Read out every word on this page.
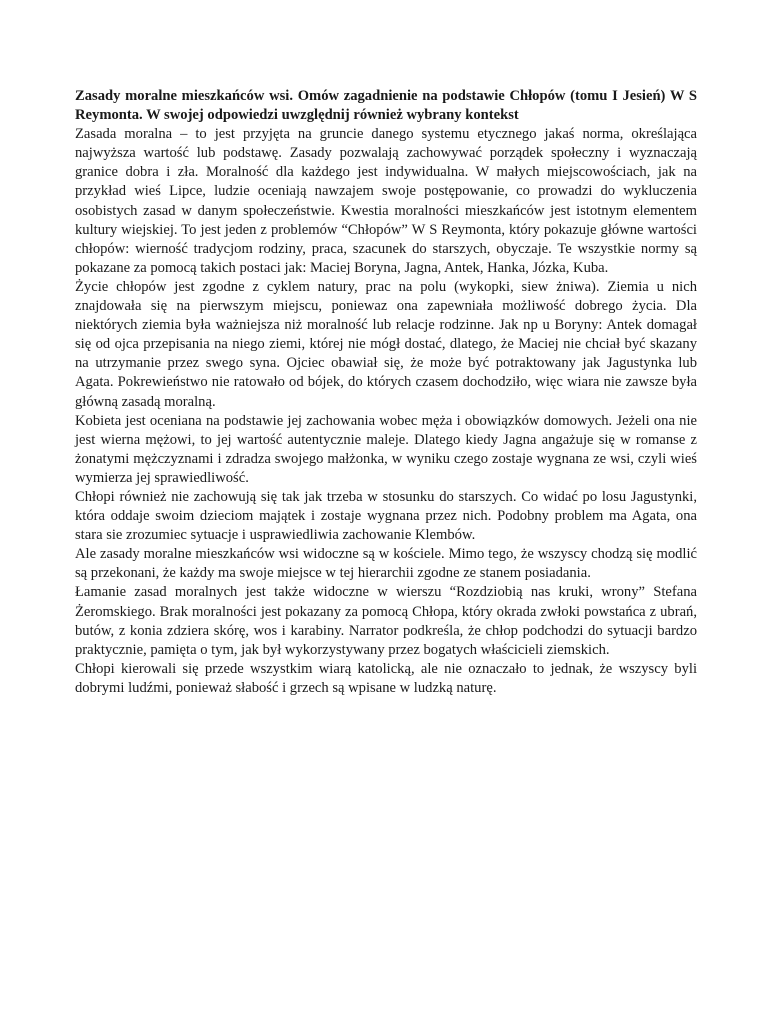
Zasady moralne mieszkańców wsi. Omów zagadnienie na podstawie Chłopów (tomu I Jesień) W S Reymonta. W swojej odpowiedzi uwzględnij również wybrany kontekst

Zasada moralna – to jest przyjęta na gruncie danego systemu etycznego jakaś norma, określająca najwyższa wartość lub podstawę. Zasady pozwalają zachowywać porządek społeczny i wyznaczają granice dobra i zła. Moralność dla każdego jest indywidualna. W małych miejscowościach, jak na przykład wieś Lipce, ludzie oceniają nawzajem swoje postępowanie, co prowadzi do wykluczenia osobistych zasad w danym społeczeństwie. Kwestia moralności mieszkańców jest istotnym elementem kultury wiejskiej. To jest jeden z problemów “Chłopów” W S Reymonta, który pokazuje główne wartości chłopów: wierność tradycjom rodziny, praca, szacunek do starszych, obyczaje. Te wszystkie normy są pokazane za pomocą takich postaci jak: Maciej Boryna, Jagna, Antek, Hanka, Józka, Kuba.

Życie chłopów jest zgodne z cyklem natury, prac na polu (wykopki, siew żniwa). Ziemia u nich znajdowała się na pierwszym miejscu, poniewaz ona zapewniała możliwość dobrego życia. Dla niektórych ziemia była ważniejsza niż moralność lub relacje rodzinne. Jak np u Boryny: Antek domagał się od ojca przepisania na niego ziemi, której nie mógł dostać, dlatego, że Maciej nie chciał być skazany na utrzymanie przez swego syna. Ojciec obawiał się, że może być potraktowany jak Jagustynka lub Agata. Pokrewieństwo nie ratowało od bójek, do których czasem dochodziło, więc wiara nie zawsze była główną zasadą moralną.

Kobieta jest oceniana na podstawie jej zachowania wobec męża i obowiązków domowych. Jeżeli ona nie jest wierna mężowi, to jej wartość autentycznie maleje. Dlatego kiedy Jagna angażuje się w romanse z żonatymi mężczyznami i zdradza swojego małżonka, w wyniku czego zostaje wygnana ze wsi, czyli wieś wymierza jej sprawiedliwość.

Chłopi również nie zachowują się tak jak trzeba w stosunku do starszych. Co widać po losu Jagustynki, która oddaje swoim dzieciom majątek i zostaje wygnana przez nich. Podobny problem ma Agata, ona stara sie zrozumiec sytuacje i usprawiedliwia zachowanie Klembów.

Ale zasady moralne mieszkańców wsi widoczne są w kościele. Mimo tego, że wszyscy chodzą się modlić są przekonani, że każdy ma swoje miejsce w tej hierarchii zgodne ze stanem posiadania.

Łamanie zasad moralnych jest także widoczne w wierszu “Rozdziobią nas kruki, wrony” Stefana Żeromskiego. Brak moralności jest pokazany za pomocą Chłopa, który okrada zwłoki powstańca z ubrań, butów, z konia zdziera skórę, wos i karabiny. Narrator podkreśla, że chłop podchodzi do sytuacji bardzo praktycznie, pamięta o tym, jak był wykorzystywany przez bogatych właścicieli ziemskich.

Chłopi kierowali się przede wszystkim wiarą katolicką, ale nie oznaczało to jednak, że wszyscy byli dobrymi ludźmi, ponieważ słabość i grzech są wpisane w ludzką naturę.
